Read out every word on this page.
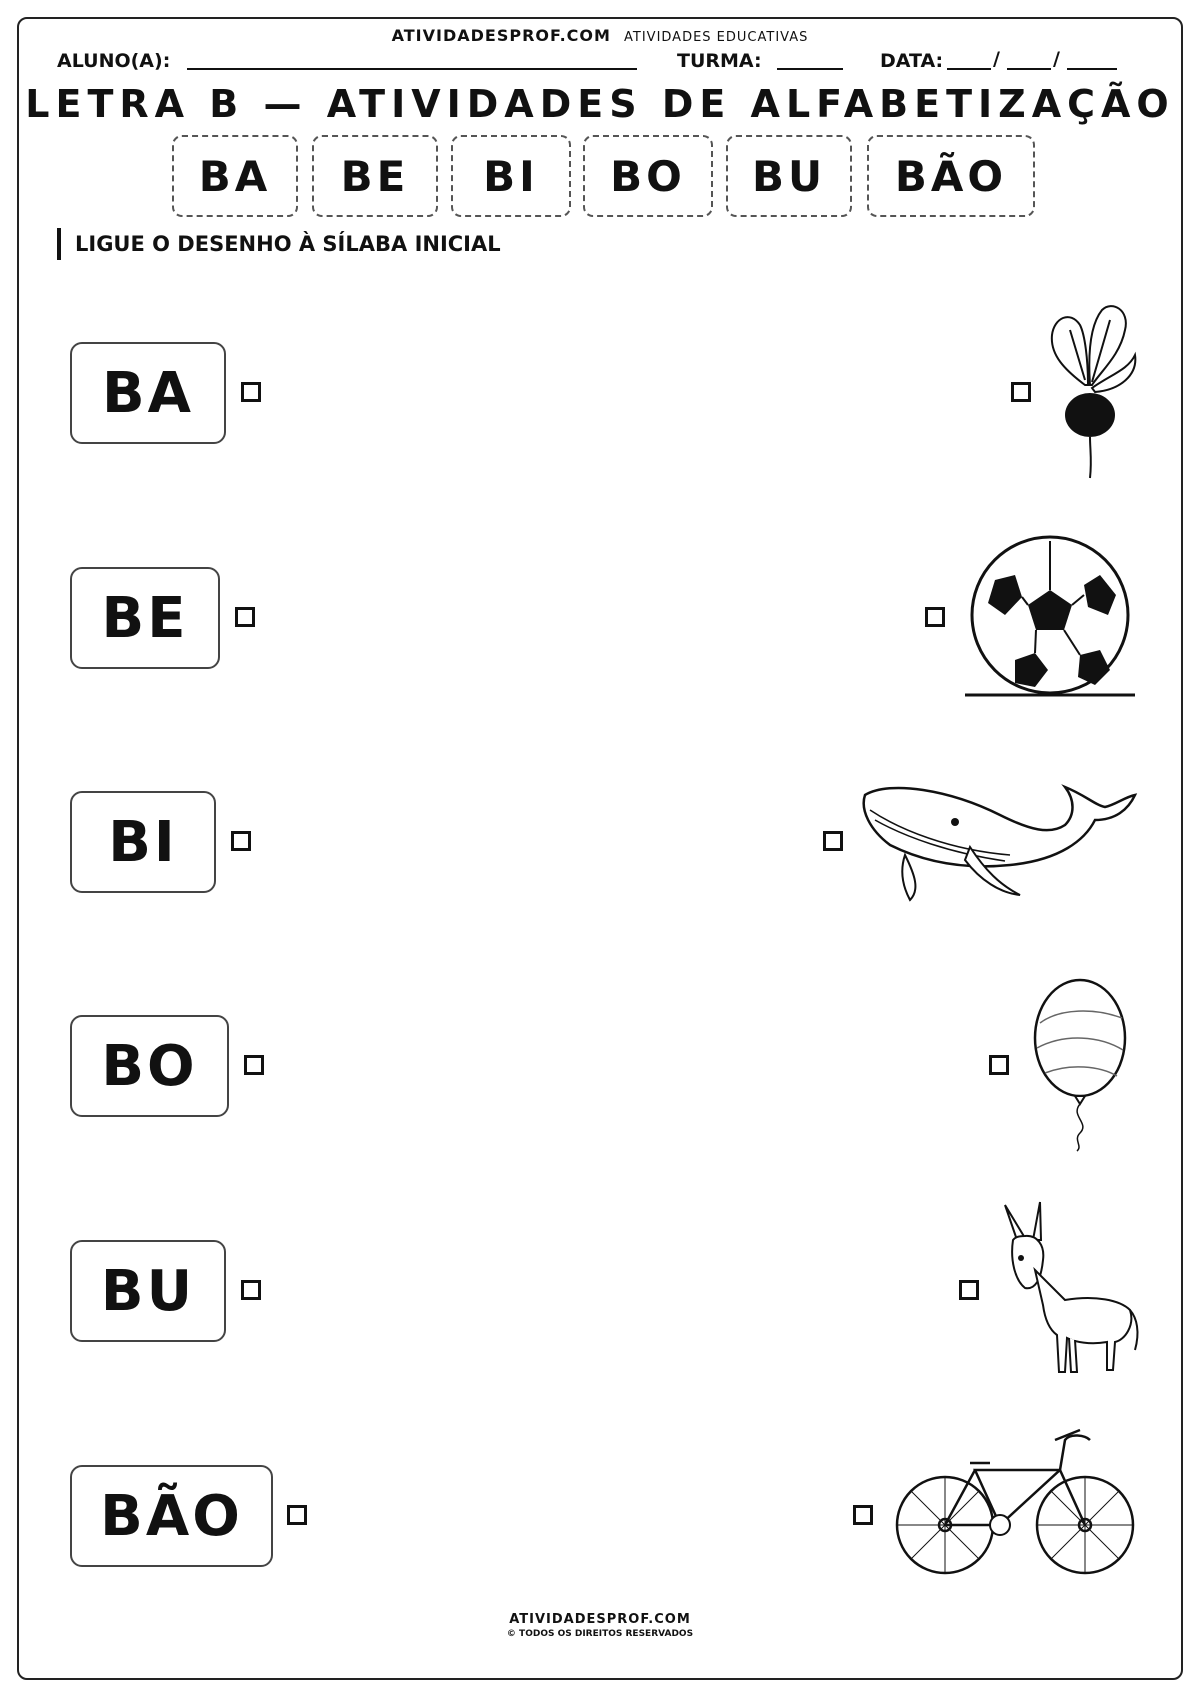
ATIVIDADESPROF.COM ATIVIDADES EDUCATIVAS
ALUNO(A):	TURMA:	DATA:	/	/
LETRA B — ATIVIDADES DE ALFABETIZAÇÃO
BA	BE	BI	BO	BU	BÃO
LIGUE O DESENHO À SÍLABA INICIAL
BA
BE
BI
BO
BU
BÃO
ATIVIDADESPROF.COM
© TODOS OS DIREITOS RESERVADOS
